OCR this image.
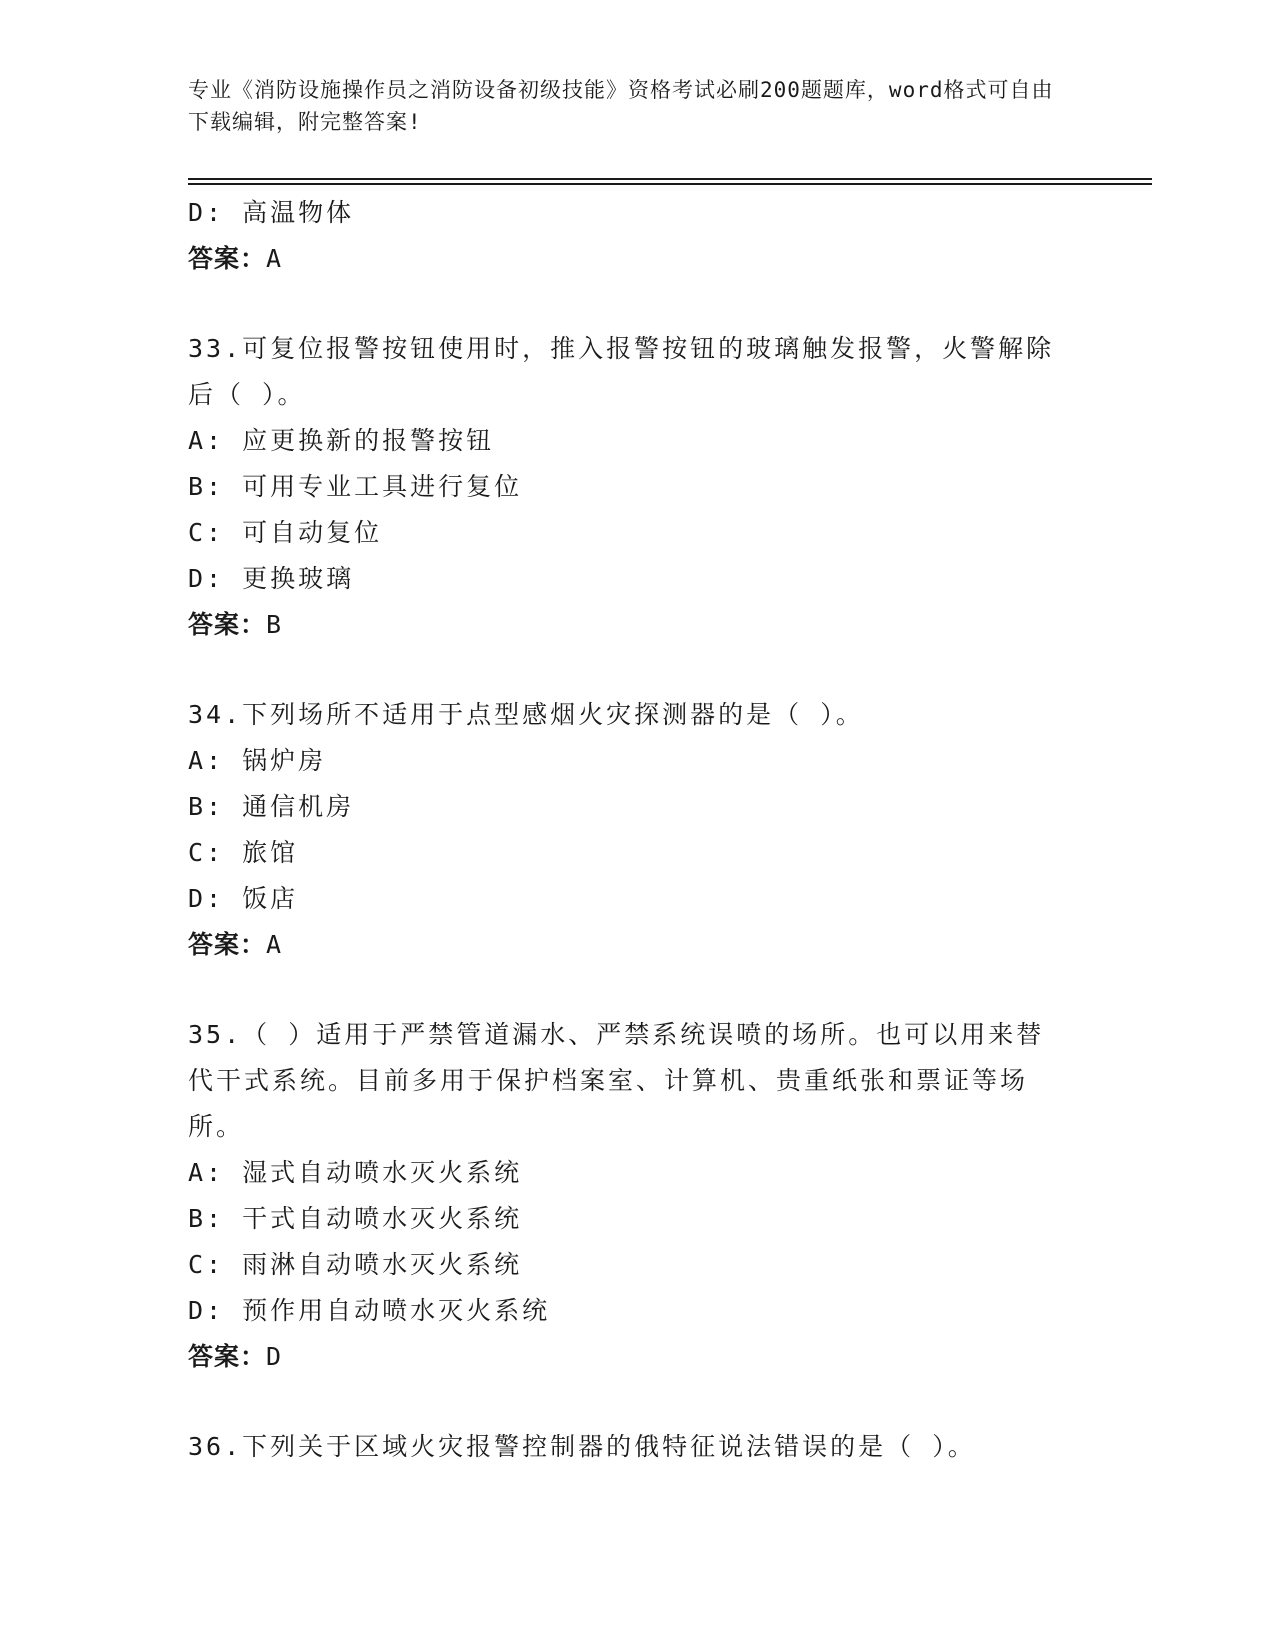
专业《消防设施操作员之消防设备初级技能》资格考试必刷200题题库，word格式可自由下载编辑，附完整答案!
D: 高温物体
答案：A
33.可复位报警按钮使用时，推入报警按钮的玻璃触发报警，火警解除
后（ ）。
A: 应更换新的报警按钮
B: 可用专业工具进行复位
C: 可自动复位
D: 更换玻璃
答案：B
34.下列场所不适用于点型感烟火灾探测器的是（ ）。
A: 锅炉房
B: 通信机房
C: 旅馆
D: 饭店
答案：A
35.（ ）适用于严禁管道漏水、严禁系统误喷的场所。也可以用来替
代干式系统。目前多用于保护档案室、计算机、贵重纸张和票证等场
所。
A: 湿式自动喷水灭火系统
B: 干式自动喷水灭火系统
C: 雨淋自动喷水灭火系统
D: 预作用自动喷水灭火系统
答案：D
36.下列关于区域火灾报警控制器的俄特征说法错误的是（ ）。
